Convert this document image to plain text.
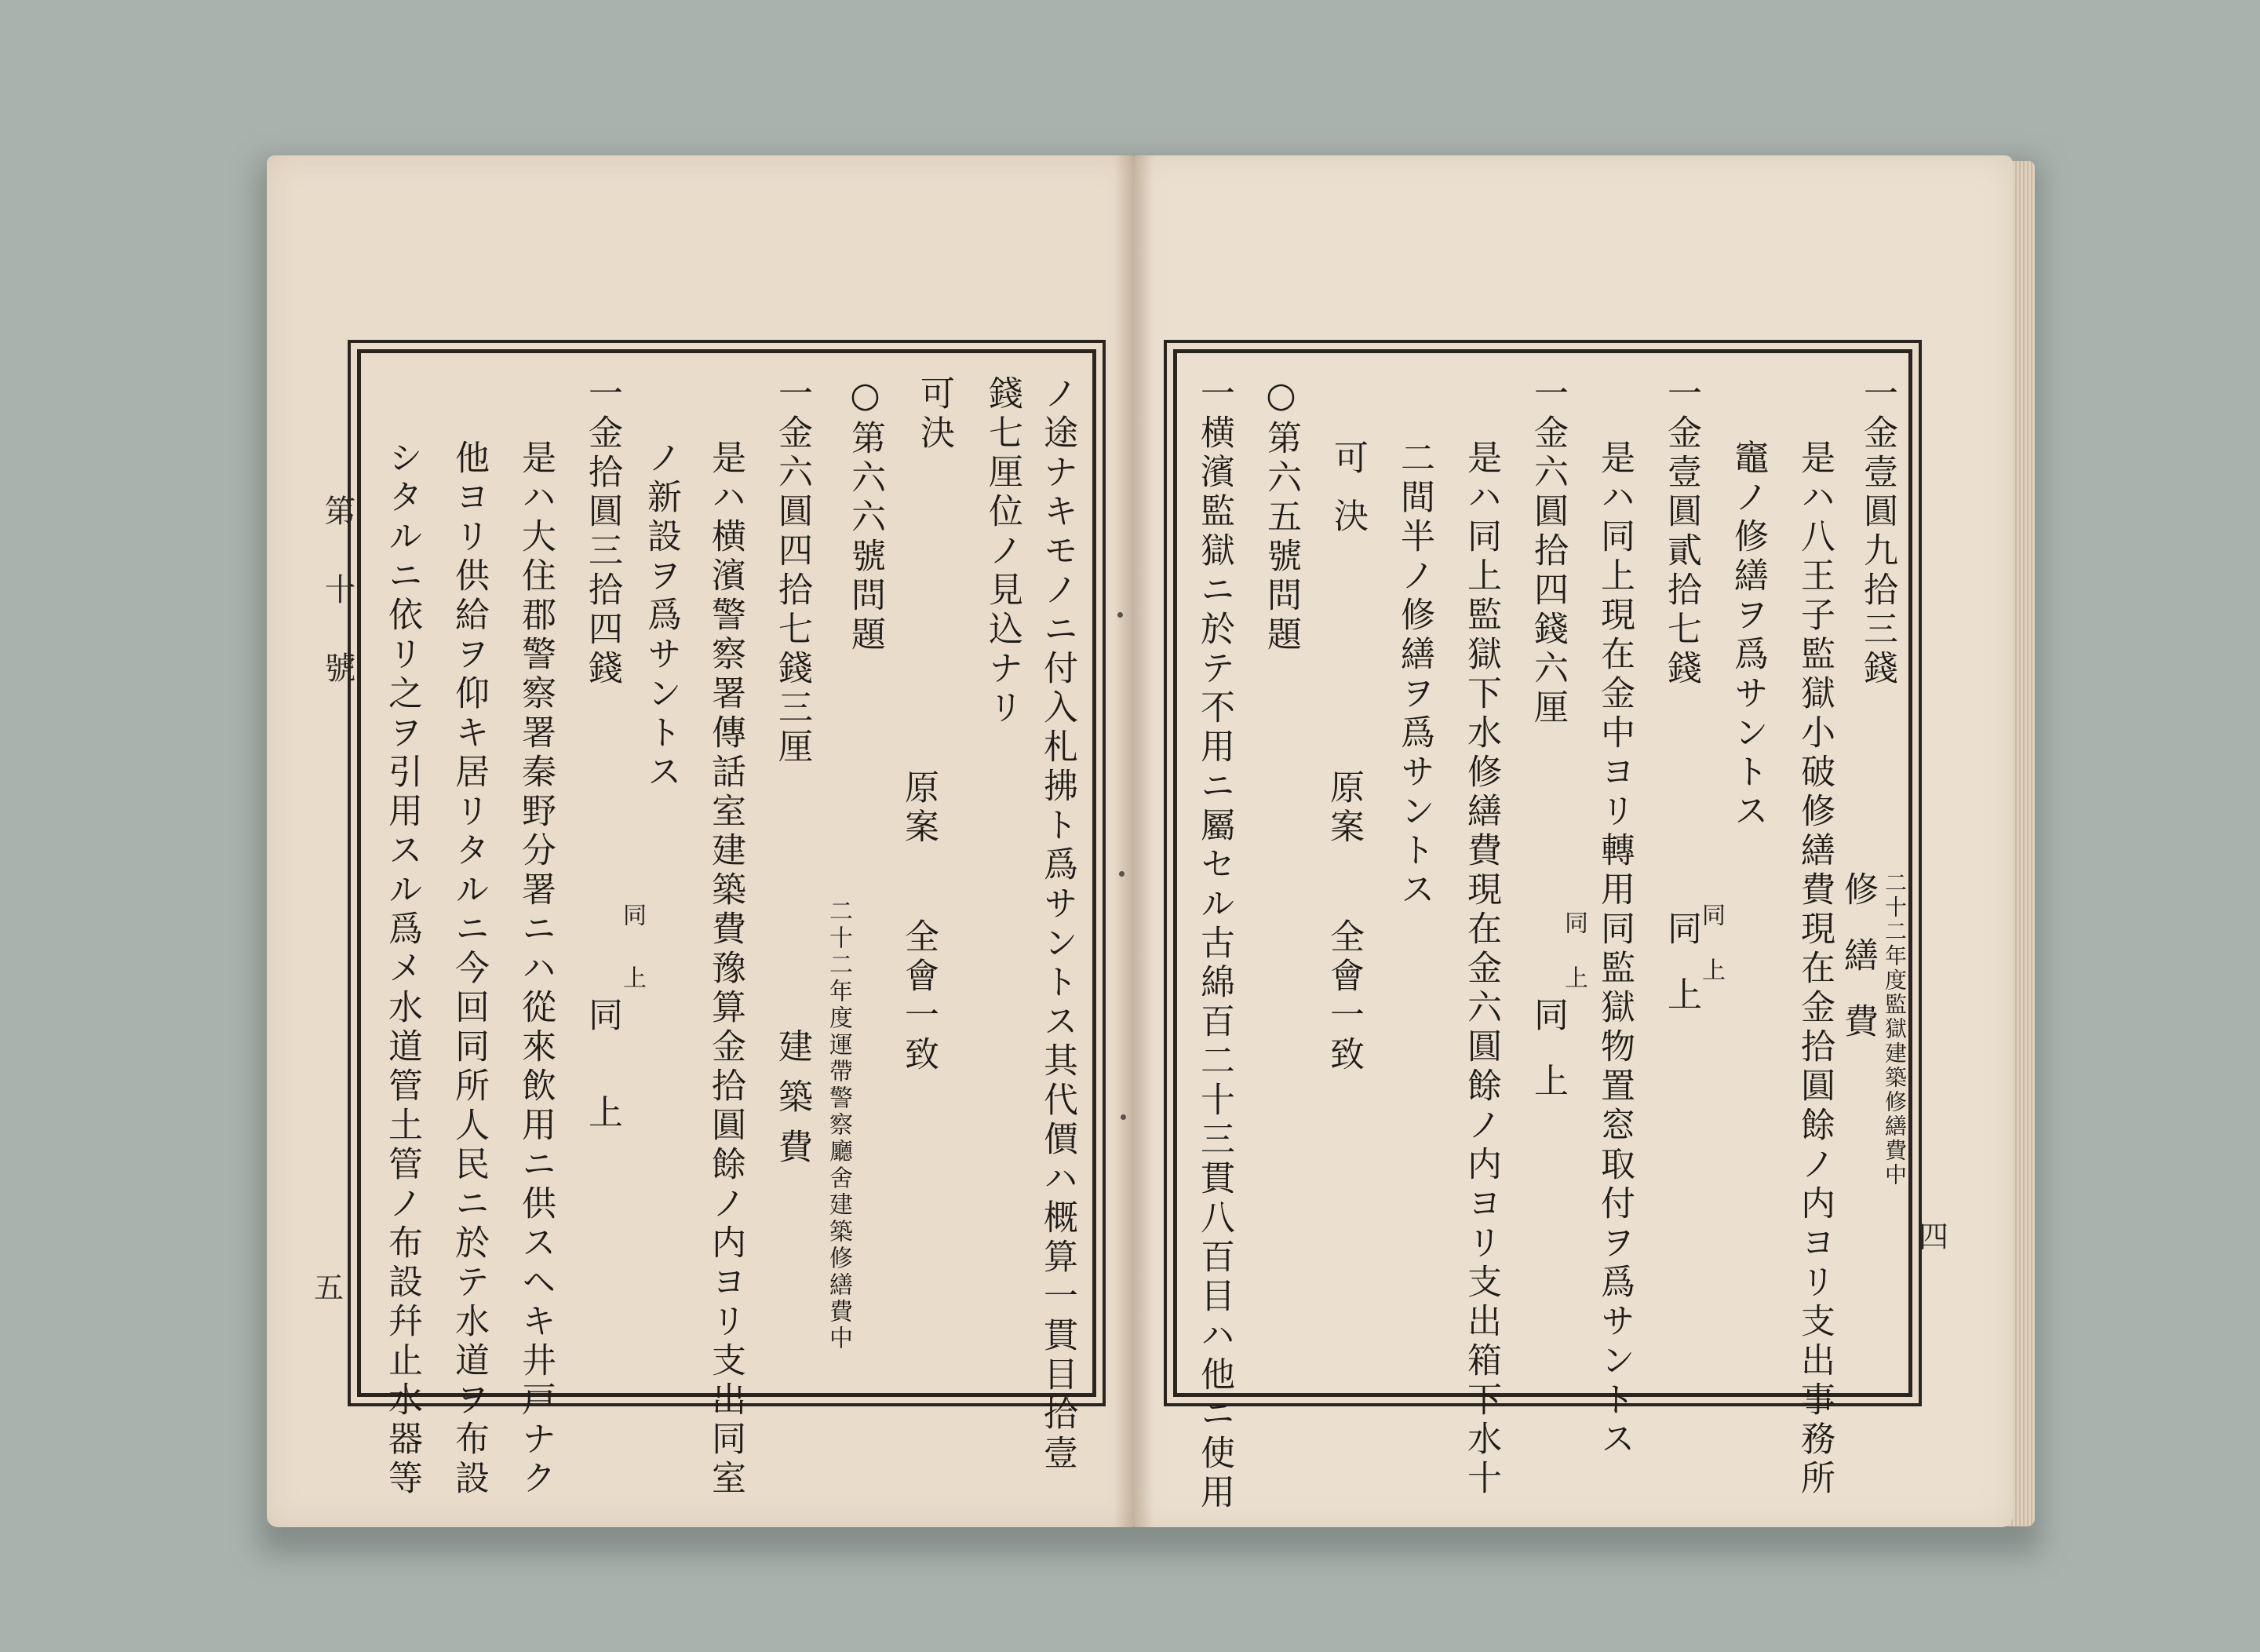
第十號
五	ノ途ナキモノニ付入札拂ト爲サントス其代價ハ概算一貫目拾壹
錢七厘位ノ見込ナリ
可決
原案
全會一致
○第六六號問題
二十二年度運帶警察廳舍建築修繕費中
一金六圓四拾七錢三厘
建築費
是ハ横濱警察署傳話室建築費豫算金拾圓餘ノ内ヨリ支出同室
ノ新設ヲ爲サントス
同上
一金拾圓三拾四錢
同上
是ハ大住郡警察署秦野分署ニハ從來飲用ニ供スヘキ井戸ナク
他ヨリ供給ヲ仰キ居リタルニ今回同所人民ニ於テ水道ヲ布設
シタルニ依リ之ヲ引用スル爲メ水道管土管ノ布設幷止水器等	四
二十二年度監獄建築修繕費中
修繕費
一金壹圓九拾三錢
是ハ八王子監獄小破修繕費現在金拾圓餘ノ内ヨリ支出事務所
竈ノ修繕ヲ爲サントス
同上
一金壹圓貳拾七錢
同上
是ハ同上現在金中ヨリ轉用同監獄物置窓取付ヲ爲サントス
同上
一金六圓拾四錢六厘
同上
是ハ同上監獄下水修繕費現在金六圓餘ノ内ヨリ支出箱下水十
二間半ノ修繕ヲ爲サントス
可決
原案
全會一致
○第六五號問題
一横濱監獄ニ於テ不用ニ屬セル古綿百二十三貫八百目ハ他ニ使用
